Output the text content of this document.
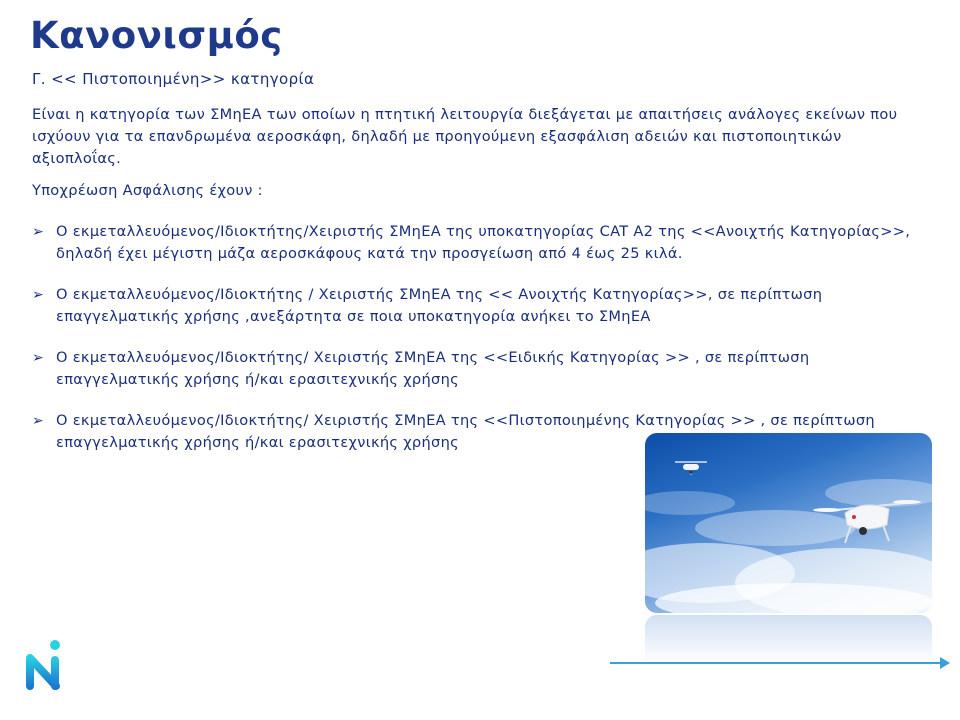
Κανονισμός
Γ. << Πιστοποιημένη>> κατηγορία
Είναι η κατηγορία των ΣΜηΕΑ των οποίων η πτητική λειτουργία διεξάγεται με απαιτήσεις ανάλογες εκείνων που ισχύουν για τα επανδρωμένα αεροσκάφη, δηλαδή με προηγούμενη εξασφάλιση αδειών και πιστοποιητικών αξιοπλοΐας.
Υποχρέωση Ασφάλισης έχουν :
➢ Ο εκμεταλλευόμενος/Ιδιοκτήτης/Χειριστής ΣΜηΕΑ της υποκατηγορίας CAT A2 της <<Ανοιχτής Κατηγορίας>>, δηλαδή έχει μέγιστη μάζα αεροσκάφους κατά την προσγείωση από 4 έως 25 κιλά.
➢ Ο εκμεταλλευόμενος/Ιδιοκτήτης / Χειριστής ΣΜηΕΑ της << Ανοιχτής Κατηγορίας>>, σε περίπτωση επαγγελματικής χρήσης ,ανεξάρτητα σε ποια υποκατηγορία ανήκει το ΣΜηΕΑ
➢ Ο εκμεταλλευόμενος/Ιδιοκτήτης/ Χειριστής ΣΜηΕΑ της <<Ειδικής Κατηγορίας >> , σε περίπτωση επαγγελματικής χρήσης ή/και ερασιτεχνικής χρήσης
➢ Ο εκμεταλλευόμενος/Ιδιοκτήτης/ Χειριστής ΣΜηΕΑ της <<Πιστοποιημένης Κατηγορίας >> , σε περίπτωση επαγγελματικής χρήσης ή/και ερασιτεχνικής χρήσης
